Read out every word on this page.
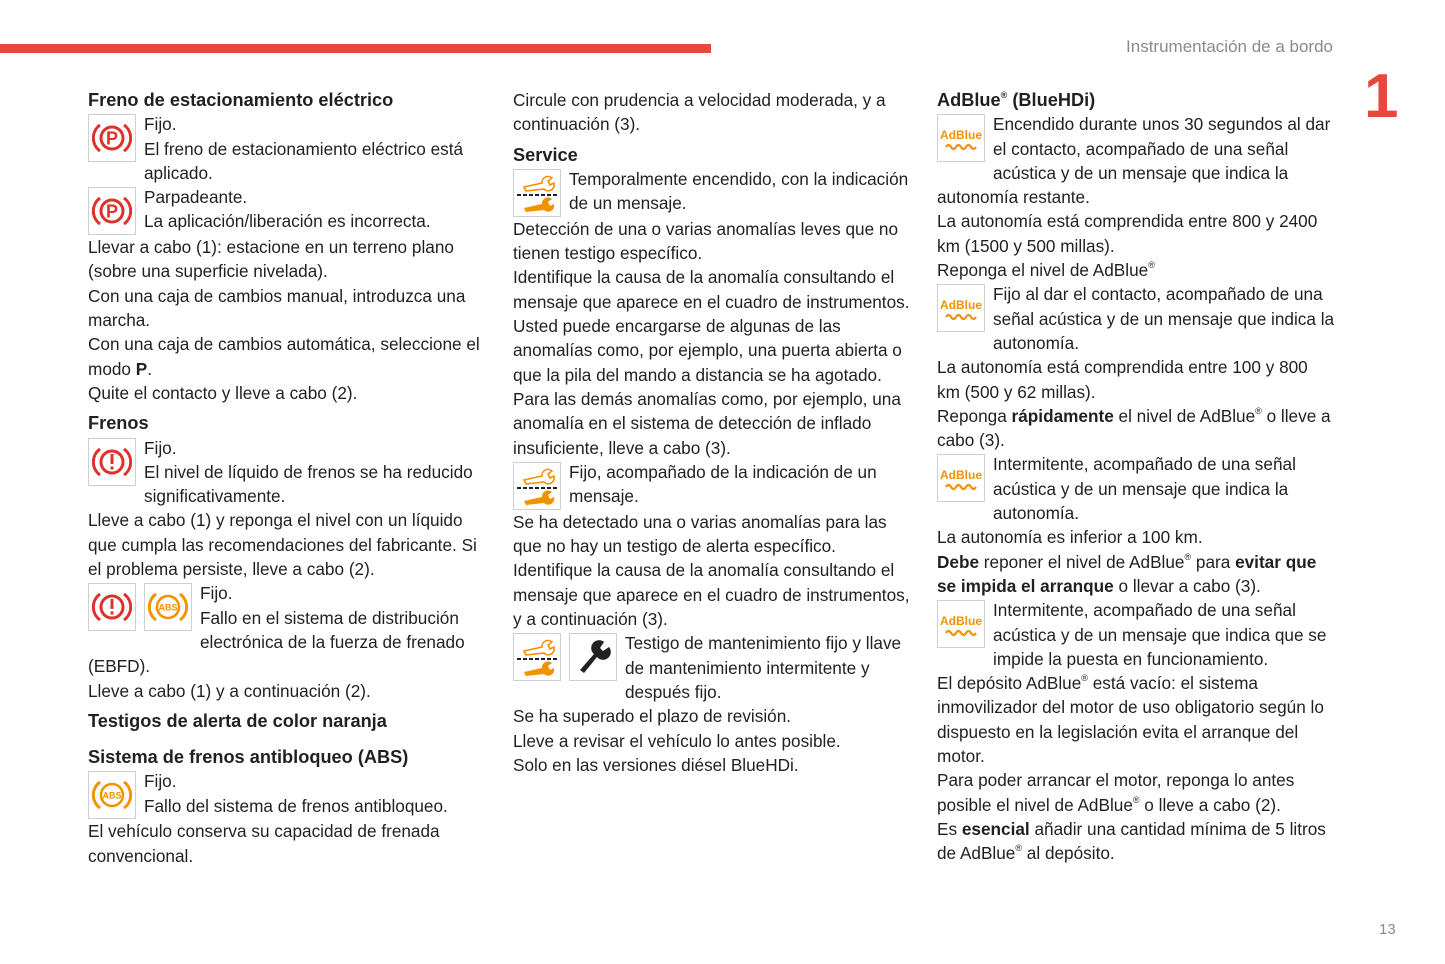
Instrumentación de a bordo
1
Freno de estacionamiento eléctrico
P
Fijo.
El freno de estacionamiento eléctrico está aplicado.
P
Parpadeante.
La aplicación/liberación es incorrecta.
Llevar a cabo (1): estacione en un terreno plano (sobre una superficie nivelada).
Con una caja de cambios manual, introduzca una marcha.
Con una caja de cambios automática, seleccione el modo P.
Quite el contacto y lleve a cabo (2).
Frenos
Fijo.
El nivel de líquido de frenos se ha reducido significativamente.
Lleve a cabo (1) y reponga el nivel con un líquido que cumpla las recomendaciones del fabricante. Si el problema persiste, lleve a cabo (2).
ABS
Fijo.
Fallo en el sistema de distribución electrónica de la fuerza de frenado (EBFD).
Lleve a cabo (1) y a continuación (2).
Testigos de alerta de color naranja
Sistema de frenos antibloqueo (ABS)
ABS
Fijo.
Fallo del sistema de frenos antibloqueo.
El vehículo conserva su capacidad de frenada convencional.
Circule con prudencia a velocidad moderada, y a continuación (3).
Service
Temporalmente encendido, con la indicación de un mensaje.
Detección de una o varias anomalías leves que no tienen testigo específico.
Identifique la causa de la anomalía consultando el mensaje que aparece en el cuadro de instrumentos.
Usted puede encargarse de algunas de las anomalías como, por ejemplo, una puerta abierta o que la pila del mando a distancia se ha agotado.
Para las demás anomalías como, por ejemplo, una anomalía en el sistema de detección de inflado insuficiente, lleve a cabo (3).
Fijo, acompañado de la indicación de un mensaje.
Se ha detectado una o varias anomalías para las que no hay un testigo de alerta específico.
Identifique la causa de la anomalía consultando el mensaje que aparece en el cuadro de instrumentos, y a continuación (3).
Testigo de mantenimiento fijo y llave de mantenimiento intermitente y después fijo.
Se ha superado el plazo de revisión.
Lleve a revisar el vehículo lo antes posible.
Solo en las versiones diésel BlueHDi.
AdBlue® (BlueHDi)
AdBlue
Encendido durante unos 30 segundos al dar el contacto, acompañado de una señal acústica y de un mensaje que indica la autonomía restante.
La autonomía está comprendida entre 800 y 2400 km (1500 y 500 millas).
Reponga el nivel de AdBlue®
AdBlue
Fijo al dar el contacto, acompañado de una señal acústica y de un mensaje que indica la autonomía.
La autonomía está comprendida entre 100 y 800 km (500 y 62 millas).
Reponga rápidamente el nivel de AdBlue® o lleve a cabo (3).
AdBlue
Intermitente, acompañado de una señal acústica y de un mensaje que indica la autonomía.
La autonomía es inferior a 100 km.
Debe reponer el nivel de AdBlue® para evitar que se impida el arranque o llevar a cabo (3).
AdBlue
Intermitente, acompañado de una señal acústica y de un mensaje que indica que se impide la puesta en funcionamiento.
El depósito AdBlue® está vacío: el sistema inmovilizador del motor de uso obligatorio según lo dispuesto en la legislación evita el arranque del motor.
Para poder arrancar el motor, reponga lo antes posible el nivel de AdBlue® o lleve a cabo (2).
Es esencial añadir una cantidad mínima de 5 litros de AdBlue® al depósito.
13
